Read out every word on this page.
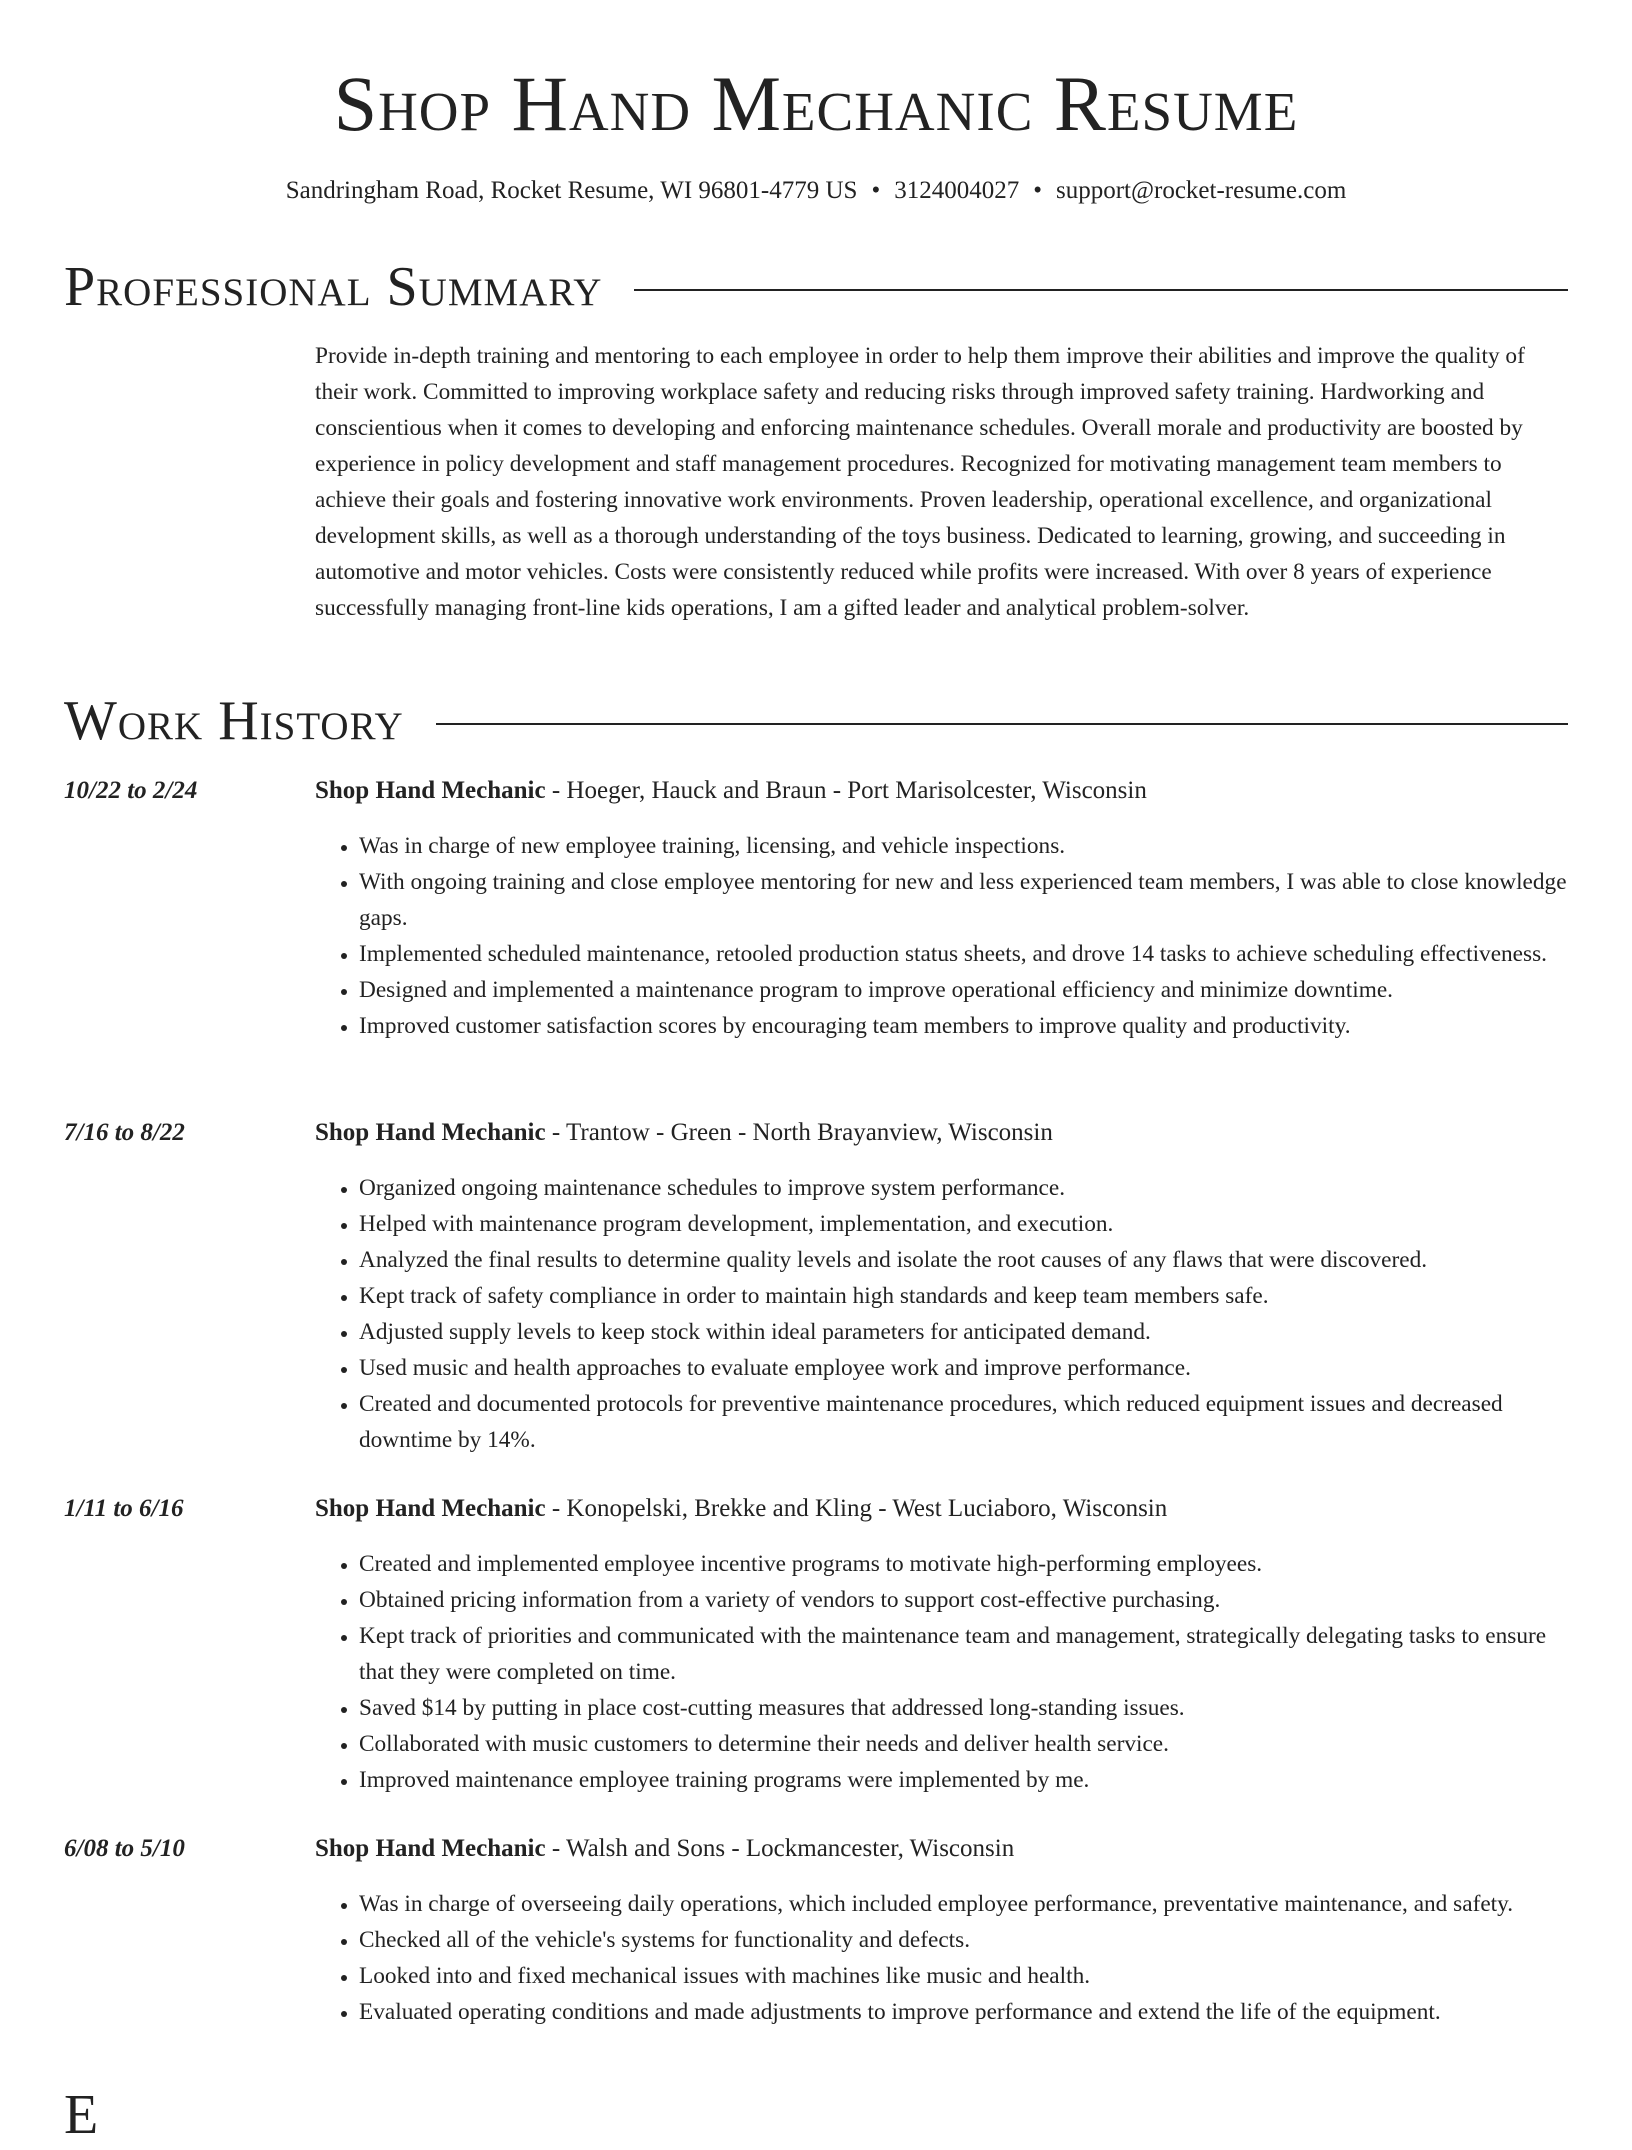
Shop Hand Mechanic Resume
Sandringham Road, Rocket Resume, WI 96801-4779 US • 3124004027 • support@rocket-resume.com
Professional Summary

Provide in-depth training and mentoring to each employee in order to help them improve their abilities and improve the quality of their work. Committed to improving workplace safety and reducing risks through improved safety training. Hardworking and conscientious when it comes to developing and enforcing maintenance schedules. Overall morale and productivity are boosted by experience in policy development and staff management procedures. Recognized for motivating management team members to achieve their goals and fostering innovative work environments. Proven leadership, operational excellence, and organizational development skills, as well as a thorough understanding of the toys business. Dedicated to learning, growing, and succeeding in automotive and motor vehicles. Costs were consistently reduced while profits were increased. With over 8 years of experience successfully managing front-line kids operations, I am a gifted leader and analytical problem-solver.

Work History
10/22 to 2/24	Shop Hand Mechanic - Hoeger, Hauck and Braun - Port Marisolcester, Wisconsin
• Was in charge of new employee training, licensing, and vehicle inspections.
• With ongoing training and close employee mentoring for new and less experienced team members, I was able to close knowledge gaps.
• Implemented scheduled maintenance, retooled production status sheets, and drove 14 tasks to achieve scheduling effectiveness.
• Designed and implemented a maintenance program to improve operational efficiency and minimize downtime.
• Improved customer satisfaction scores by encouraging team members to improve quality and productivity.
7/16 to 8/22	Shop Hand Mechanic - Trantow - Green - North Brayanview, Wisconsin
• Organized ongoing maintenance schedules to improve system performance.
• Helped with maintenance program development, implementation, and execution.
• Analyzed the final results to determine quality levels and isolate the root causes of any flaws that were discovered.
• Kept track of safety compliance in order to maintain high standards and keep team members safe.
• Adjusted supply levels to keep stock within ideal parameters for anticipated demand.
• Used music and health approaches to evaluate employee work and improve performance.
• Created and documented protocols for preventive maintenance procedures, which reduced equipment issues and decreased downtime by 14%.
1/11 to 6/16	Shop Hand Mechanic - Konopelski, Brekke and Kling - West Luciaboro, Wisconsin
• Created and implemented employee incentive programs to motivate high-performing employees.
• Obtained pricing information from a variety of vendors to support cost-effective purchasing.
• Kept track of priorities and communicated with the maintenance team and management, strategically delegating tasks to ensure that they were completed on time.
• Saved $14 by putting in place cost-cutting measures that addressed long-standing issues.
• Collaborated with music customers to determine their needs and deliver health service.
• Improved maintenance employee training programs were implemented by me.
6/08 to 5/10	Shop Hand Mechanic - Walsh and Sons - Lockmancester, Wisconsin
• Was in charge of overseeing daily operations, which included employee performance, preventative maintenance, and safety.
• Checked all of the vehicle's systems for functionality and defects.
• Looked into and fixed mechanical issues with machines like music and health.
• Evaluated operating conditions and made adjustments to improve performance and extend the life of the equipment.
E
